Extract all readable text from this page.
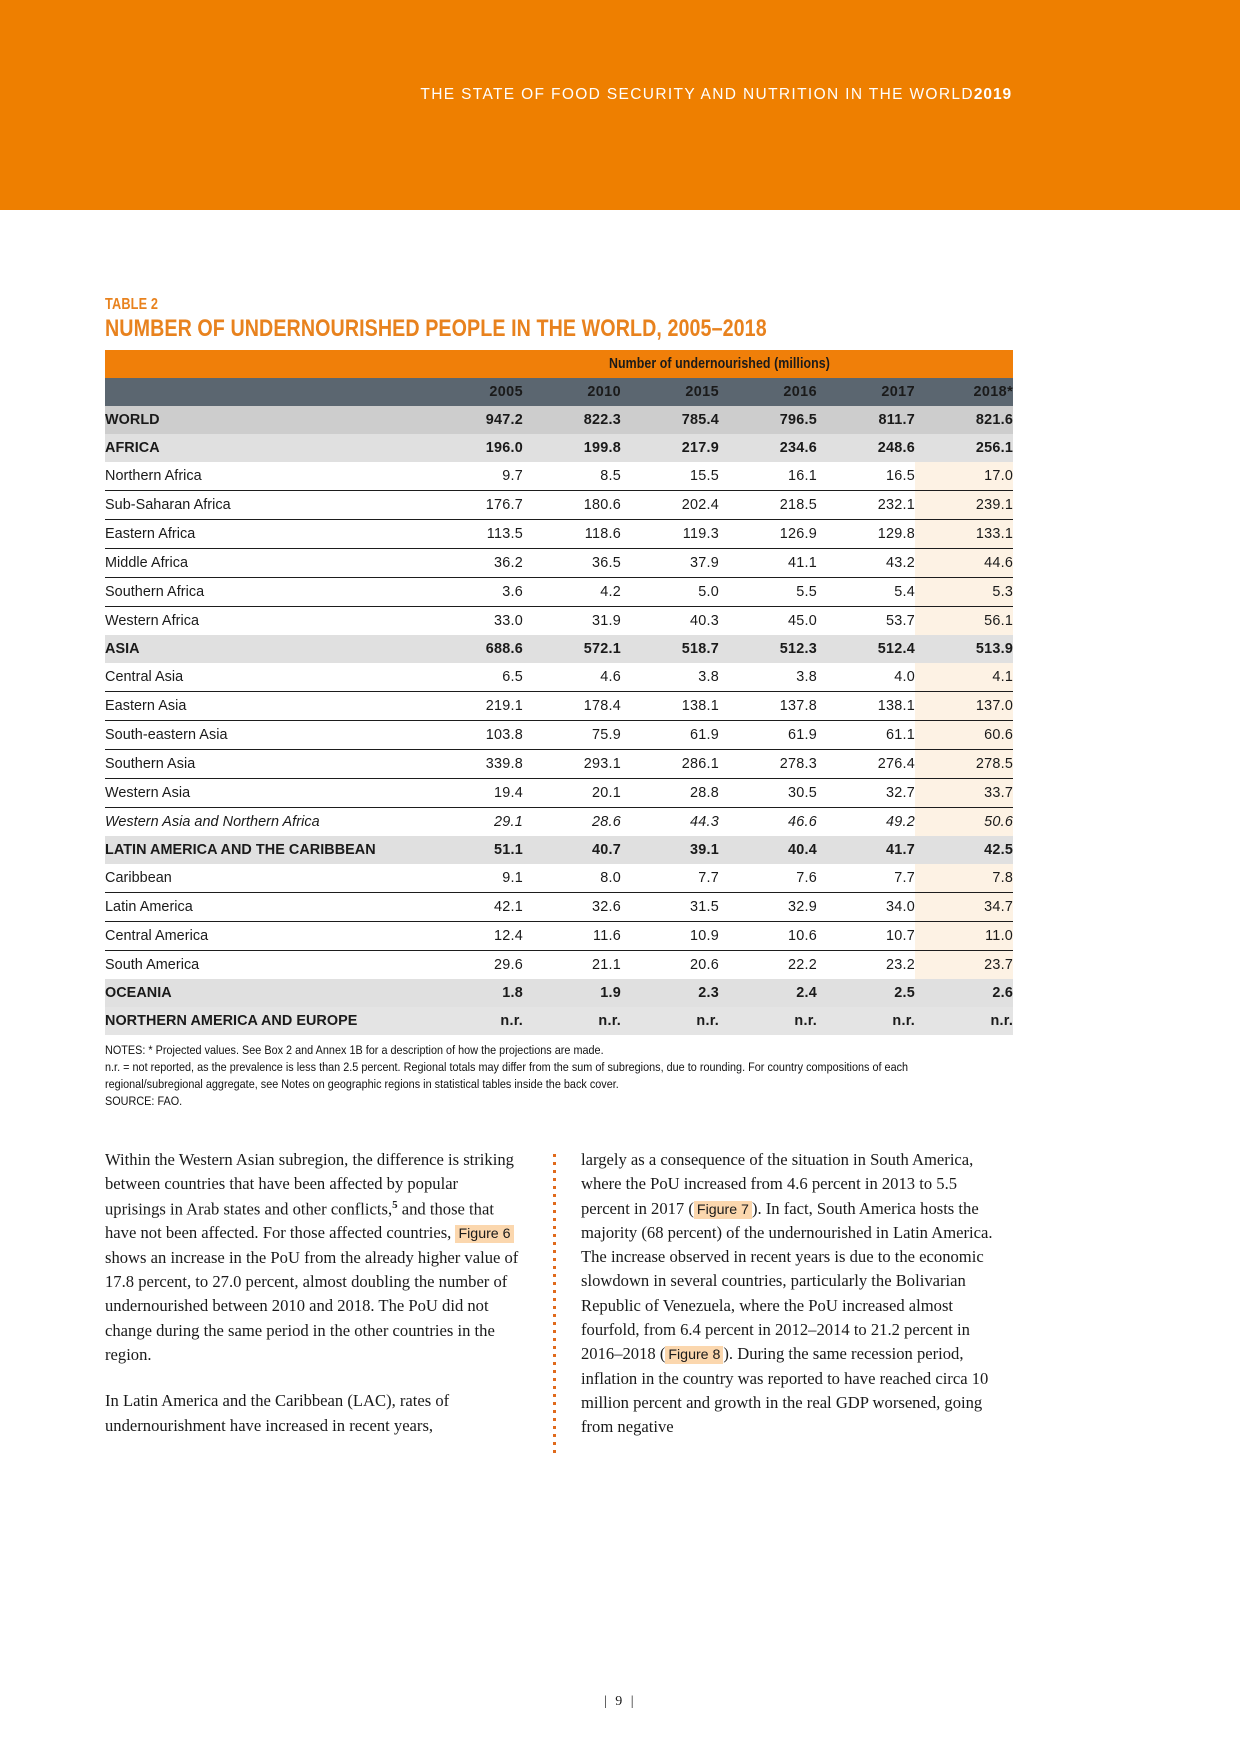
THE STATE OF FOOD SECURITY AND NUTRITION IN THE WORLD2019
TABLE 2
NUMBER OF UNDERNOURISHED PEOPLE IN THE WORLD, 2005–2018
	Number of undernourished (millions)					
	2005	2010	2015	2016	2017	2018*
WORLD	947.2	822.3	785.4	796.5	811.7	821.6
AFRICA	196.0	199.8	217.9	234.6	248.6	256.1
Northern Africa	9.7	8.5	15.5	16.1	16.5	17.0
Sub-Saharan Africa	176.7	180.6	202.4	218.5	232.1	239.1
Eastern Africa	113.5	118.6	119.3	126.9	129.8	133.1
Middle Africa	36.2	36.5	37.9	41.1	43.2	44.6
Southern Africa	3.6	4.2	5.0	5.5	5.4	5.3
Western Africa	33.0	31.9	40.3	45.0	53.7	56.1
ASIA	688.6	572.1	518.7	512.3	512.4	513.9
Central Asia	6.5	4.6	3.8	3.8	4.0	4.1
Eastern Asia	219.1	178.4	138.1	137.8	138.1	137.0
South-eastern Asia	103.8	75.9	61.9	61.9	61.1	60.6
Southern Asia	339.8	293.1	286.1	278.3	276.4	278.5
Western Asia	19.4	20.1	28.8	30.5	32.7	33.7
Western Asia and Northern Africa	29.1	28.6	44.3	46.6	49.2	50.6
LATIN AMERICA AND THE CARIBBEAN	51.1	40.7	39.1	40.4	41.7	42.5
Caribbean	9.1	8.0	7.7	7.6	7.7	7.8
Latin America	42.1	32.6	31.5	32.9	34.0	34.7
Central America	12.4	11.6	10.9	10.6	10.7	11.0
South America	29.6	21.1	20.6	22.2	23.2	23.7
OCEANIA	1.8	1.9	2.3	2.4	2.5	2.6
NORTHERN AMERICA AND EUROPE	n.r.	n.r.	n.r.	n.r.	n.r.	n.r.
NOTES: * Projected values. See Box 2 and Annex 1B for a description of how the projections are made.
n.r. = not reported, as the prevalence is less than 2.5 percent. Regional totals may differ from the sum of subregions, due to rounding. For country compositions of each
regional/subregional aggregate, see Notes on geographic regions in statistical tables inside the back cover.
SOURCE: FAO.

Within the Western Asian subregion, the difference is striking between countries that have been affected by popular uprisings in Arab states and other conflicts,$^5$ and those that have not been affected. For those affected countries, Figure 6 shows an increase in the PoU from the already higher value of 17.8 percent, to 27.0 percent, almost doubling the number of undernourished between 2010 and 2018. The PoU did not change during the same period in the other countries in the region.

In Latin America and the Caribbean (LAC), rates of undernourishment have increased in recent years,

largely as a consequence of the situation in South America, where the PoU increased from 4.6 percent in 2013 to 5.5 percent in 2017 ( Figure 7 ). In fact, South America hosts the majority (68 percent) of the undernourished in Latin America. The increase observed in recent years is due to the economic slowdown in several countries, particularly the Bolivarian Republic of Venezuela, where the PoU increased almost fourfold, from 6.4 percent in 2012–2014 to 21.2 percent in 2016–2018 ( Figure 8 ). During the same recession period, inflation in the country was reported to have reached circa 10 million percent and growth in the real GDP worsened, going from negative

| 9 |
